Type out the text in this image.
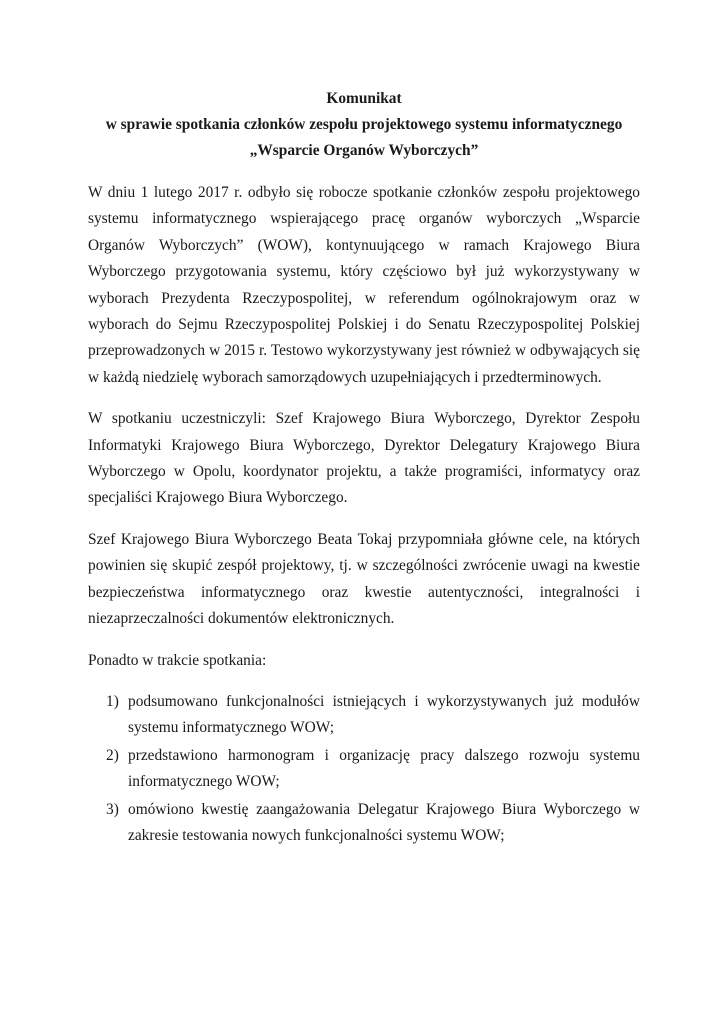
Komunikat
w sprawie spotkania członków zespołu projektowego systemu informatycznego
„Wsparcie Organów Wyborczych”

W dniu 1 lutego 2017 r. odbyło się robocze spotkanie członków zespołu projektowego systemu informatycznego wspierającego pracę organów wyborczych „Wsparcie Organów Wyborczych” (WOW), kontynuującego w ramach Krajowego Biura Wyborczego przygotowania systemu, który częściowo był już wykorzystywany w wyborach Prezydenta Rzeczypospolitej, w referendum ogólnokrajowym oraz w wyborach do Sejmu Rzeczypospolitej Polskiej i do Senatu Rzeczypospolitej Polskiej przeprowadzonych w 2015 r. Testowo wykorzystywany jest również w odbywających się w każdą niedzielę wyborach samorządowych uzupełniających i przedterminowych.

W spotkaniu uczestniczyli: Szef Krajowego Biura Wyborczego, Dyrektor Zespołu Informatyki Krajowego Biura Wyborczego, Dyrektor Delegatury Krajowego Biura Wyborczego w Opolu, koordynator projektu, a także programiści, informatycy oraz specjaliści Krajowego Biura Wyborczego.

Szef Krajowego Biura Wyborczego Beata Tokaj przypomniała główne cele, na których powinien się skupić zespół projektowy, tj. w szczególności zwrócenie uwagi na kwestie bezpieczeństwa informatycznego oraz kwestie autentyczności, integralności i niezaprzeczalności dokumentów elektronicznych.

Ponadto w trakcie spotkania:

1) podsumowano funkcjonalności istniejących i wykorzystywanych już modułów systemu informatycznego WOW;
2) przedstawiono harmonogram i organizację pracy dalszego rozwoju systemu informatycznego WOW;
3) omówiono kwestię zaangażowania Delegatur Krajowego Biura Wyborczego w zakresie testowania nowych funkcjonalności systemu WOW;
